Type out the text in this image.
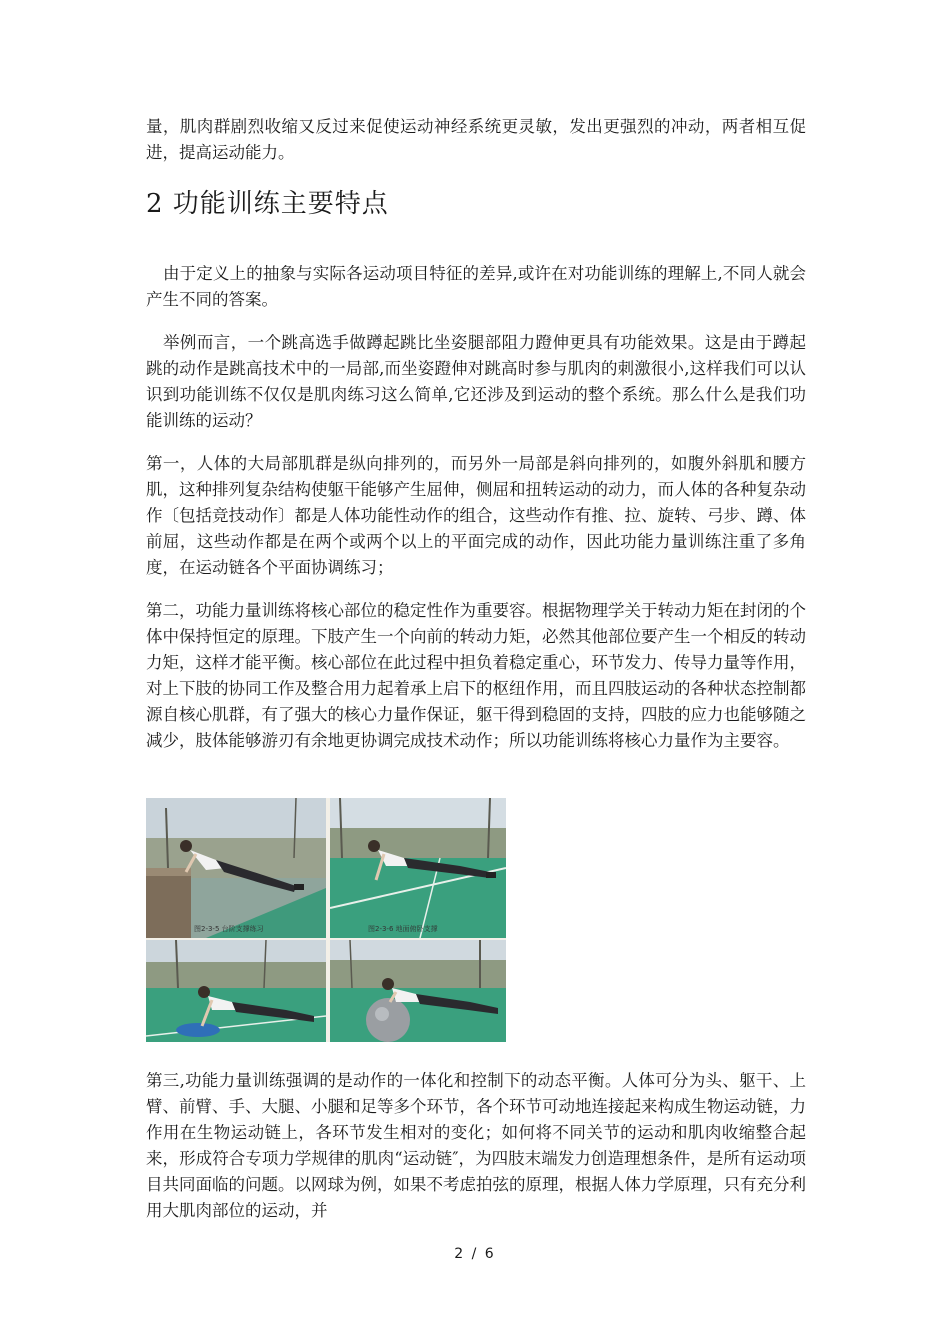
量，肌肉群剧烈收缩又反过来促使运动神经系统更灵敏，发出更强烈的冲动，两者相互促进，提高运动能力。

2 功能训练主要特点

由于定义上的抽象与实际各运动项目特征的差异,或许在对功能训练的理解上,不同人就会产生不同的答案。

举例而言，一个跳高选手做蹲起跳比坐姿腿部阻力蹬伸更具有功能效果。这是由于蹲起跳的动作是跳高技术中的一局部,而坐姿蹬伸对跳高时参与肌肉的刺激很小,这样我们可以认识到功能训练不仅仅是肌肉练习这么简单,它还涉及到运动的整个系统。那么什么是我们功能训练的运动？

第一，人体的大局部肌群是纵向排列的，而另外一局部是斜向排列的，如腹外斜肌和腰方肌，这种排列复杂结构使躯干能够产生屈伸，侧屈和扭转运动的动力，而人体的各种复杂动作〔包括竞技动作〕都是人体功能性动作的组合，这些动作有推、拉、旋转、弓步、蹲、体前屈，这些动作都是在两个或两个以上的平面完成的动作，因此功能力量训练注重了多角度，在运动链各个平面协调练习；

第二，功能力量训练将核心部位的稳定性作为重要容。根据物理学关于转动力矩在封闭的个体中保持恒定的原理。下肢产生一个向前的转动力矩，必然其他部位要产生一个相反的转动力矩，这样才能平衡。核心部位在此过程中担负着稳定重心，环节发力、传导力量等作用，对上下肢的协同工作及整合用力起着承上启下的枢纽作用，而且四肢运动的各种状态控制都源自核心肌群，有了强大的核心力量作保证，躯干得到稳固的支持，四肢的应力也能够随之减少，肢体能够游刃有余地更协调完成技术动作；所以功能训练将核心力量作为主要容。

图2-3-5 台阶支撑练习	图2-3-6 地面俯卧支撑

第三,功能力量训练强调的是动作的一体化和控制下的动态平衡。人体可分为头、躯干、上臂、前臂、手、大腿、小腿和足等多个环节，各个环节可动地连接起来构成生物运动链，力作用在生物运动链上，各环节发生相对的变化；如何将不同关节的运动和肌肉收缩整合起来，形成符合专项力学规律的肌肉“运动链″，为四肢末端发力创造理想条件，是所有运动项目共同面临的问题。以网球为例，如果不考虑拍弦的原理，根据人体力学原理，只有充分利用大肌肉部位的运动，并

2 / 6
